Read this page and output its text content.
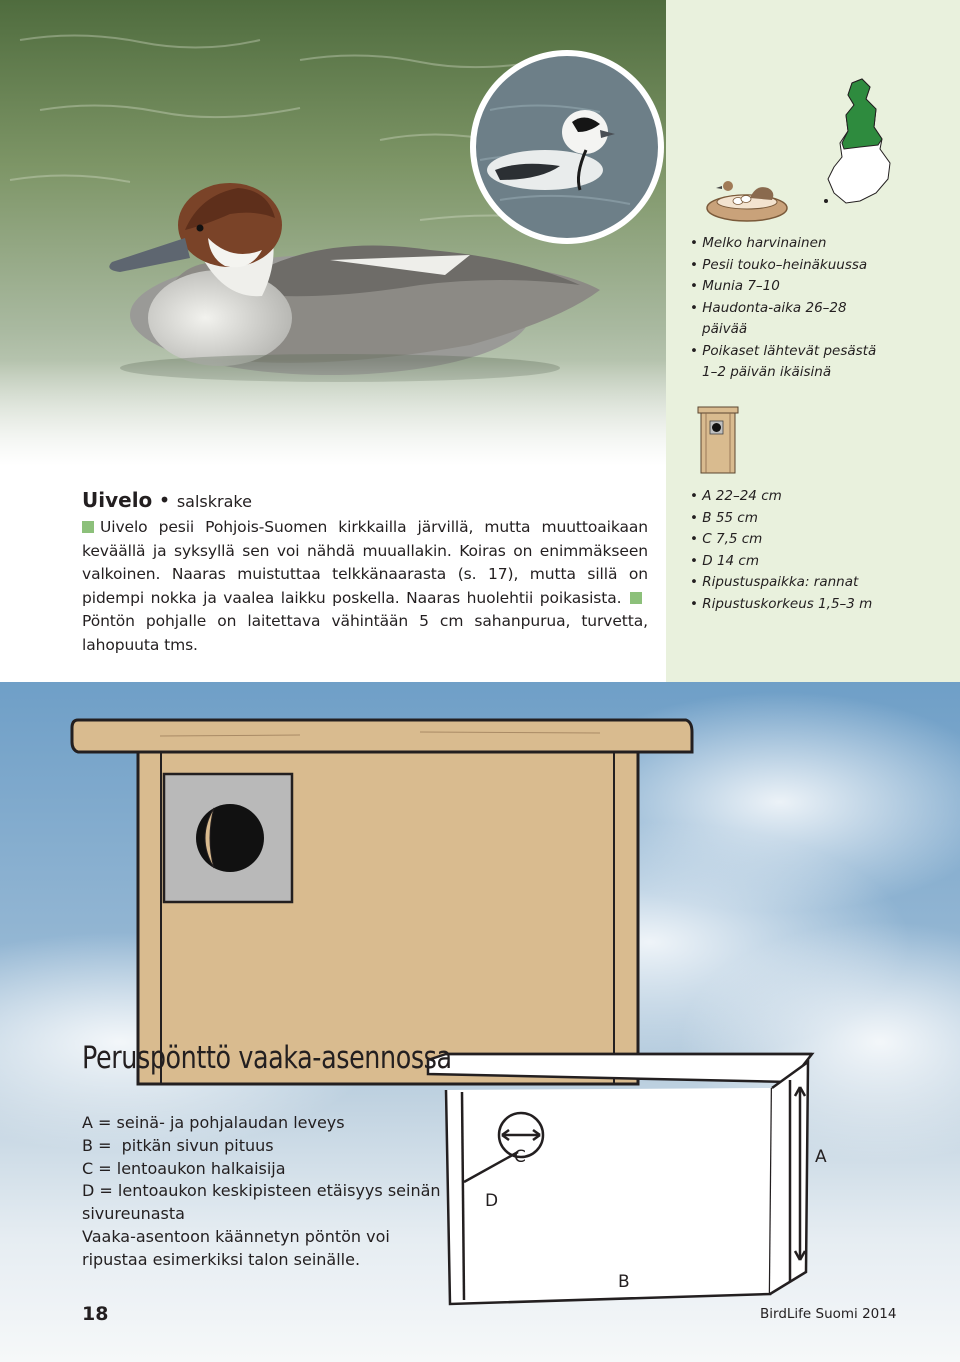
• Melko harvinainen
• Pesii touko–heinäkuussa
• Munia 7–10
• Haudonta-aika 26–28 päivää
• Poikaset lähtevät pesästä 1–2 päivän ikäisinä
• A 22–24 cm
• B 55 cm
• C 7,5 cm
• D 14 cm
• Ripustuspaikka: rannat
• Ripustuskorkeus 1,5–3 m
Uivelo • salskrake

Uivelo pesii Pohjois-Suomen kirkkailla järvillä, mutta muuttoaikaan keväällä ja syksyllä sen voi nähdä muuallakin. Koiras on enimmäkseen valkoinen. Naaras muistuttaa telkkänaarasta (s. 17), mutta sillä on pidempi nokka ja vaalea laikku poskella. Naaras huolehtii poikasista. Pöntön pohjalle on laitettava vähintään 5 cm sahanpurua, turvetta, lahopuuta tms.

C
D
A
B
Peruspönttö vaaka-asennossa
A = seinä- ja pohjalaudan leveys
B =  pitkän sivun pituus
C = lentoaukon halkaisija
D = lentoaukon keskipisteen etäisyys seinän sivureunasta
Vaaka-asentoon käännetyn pöntön voi ripustaa esimerkiksi talon seinälle.
18	BirdLife Suomi 2014
